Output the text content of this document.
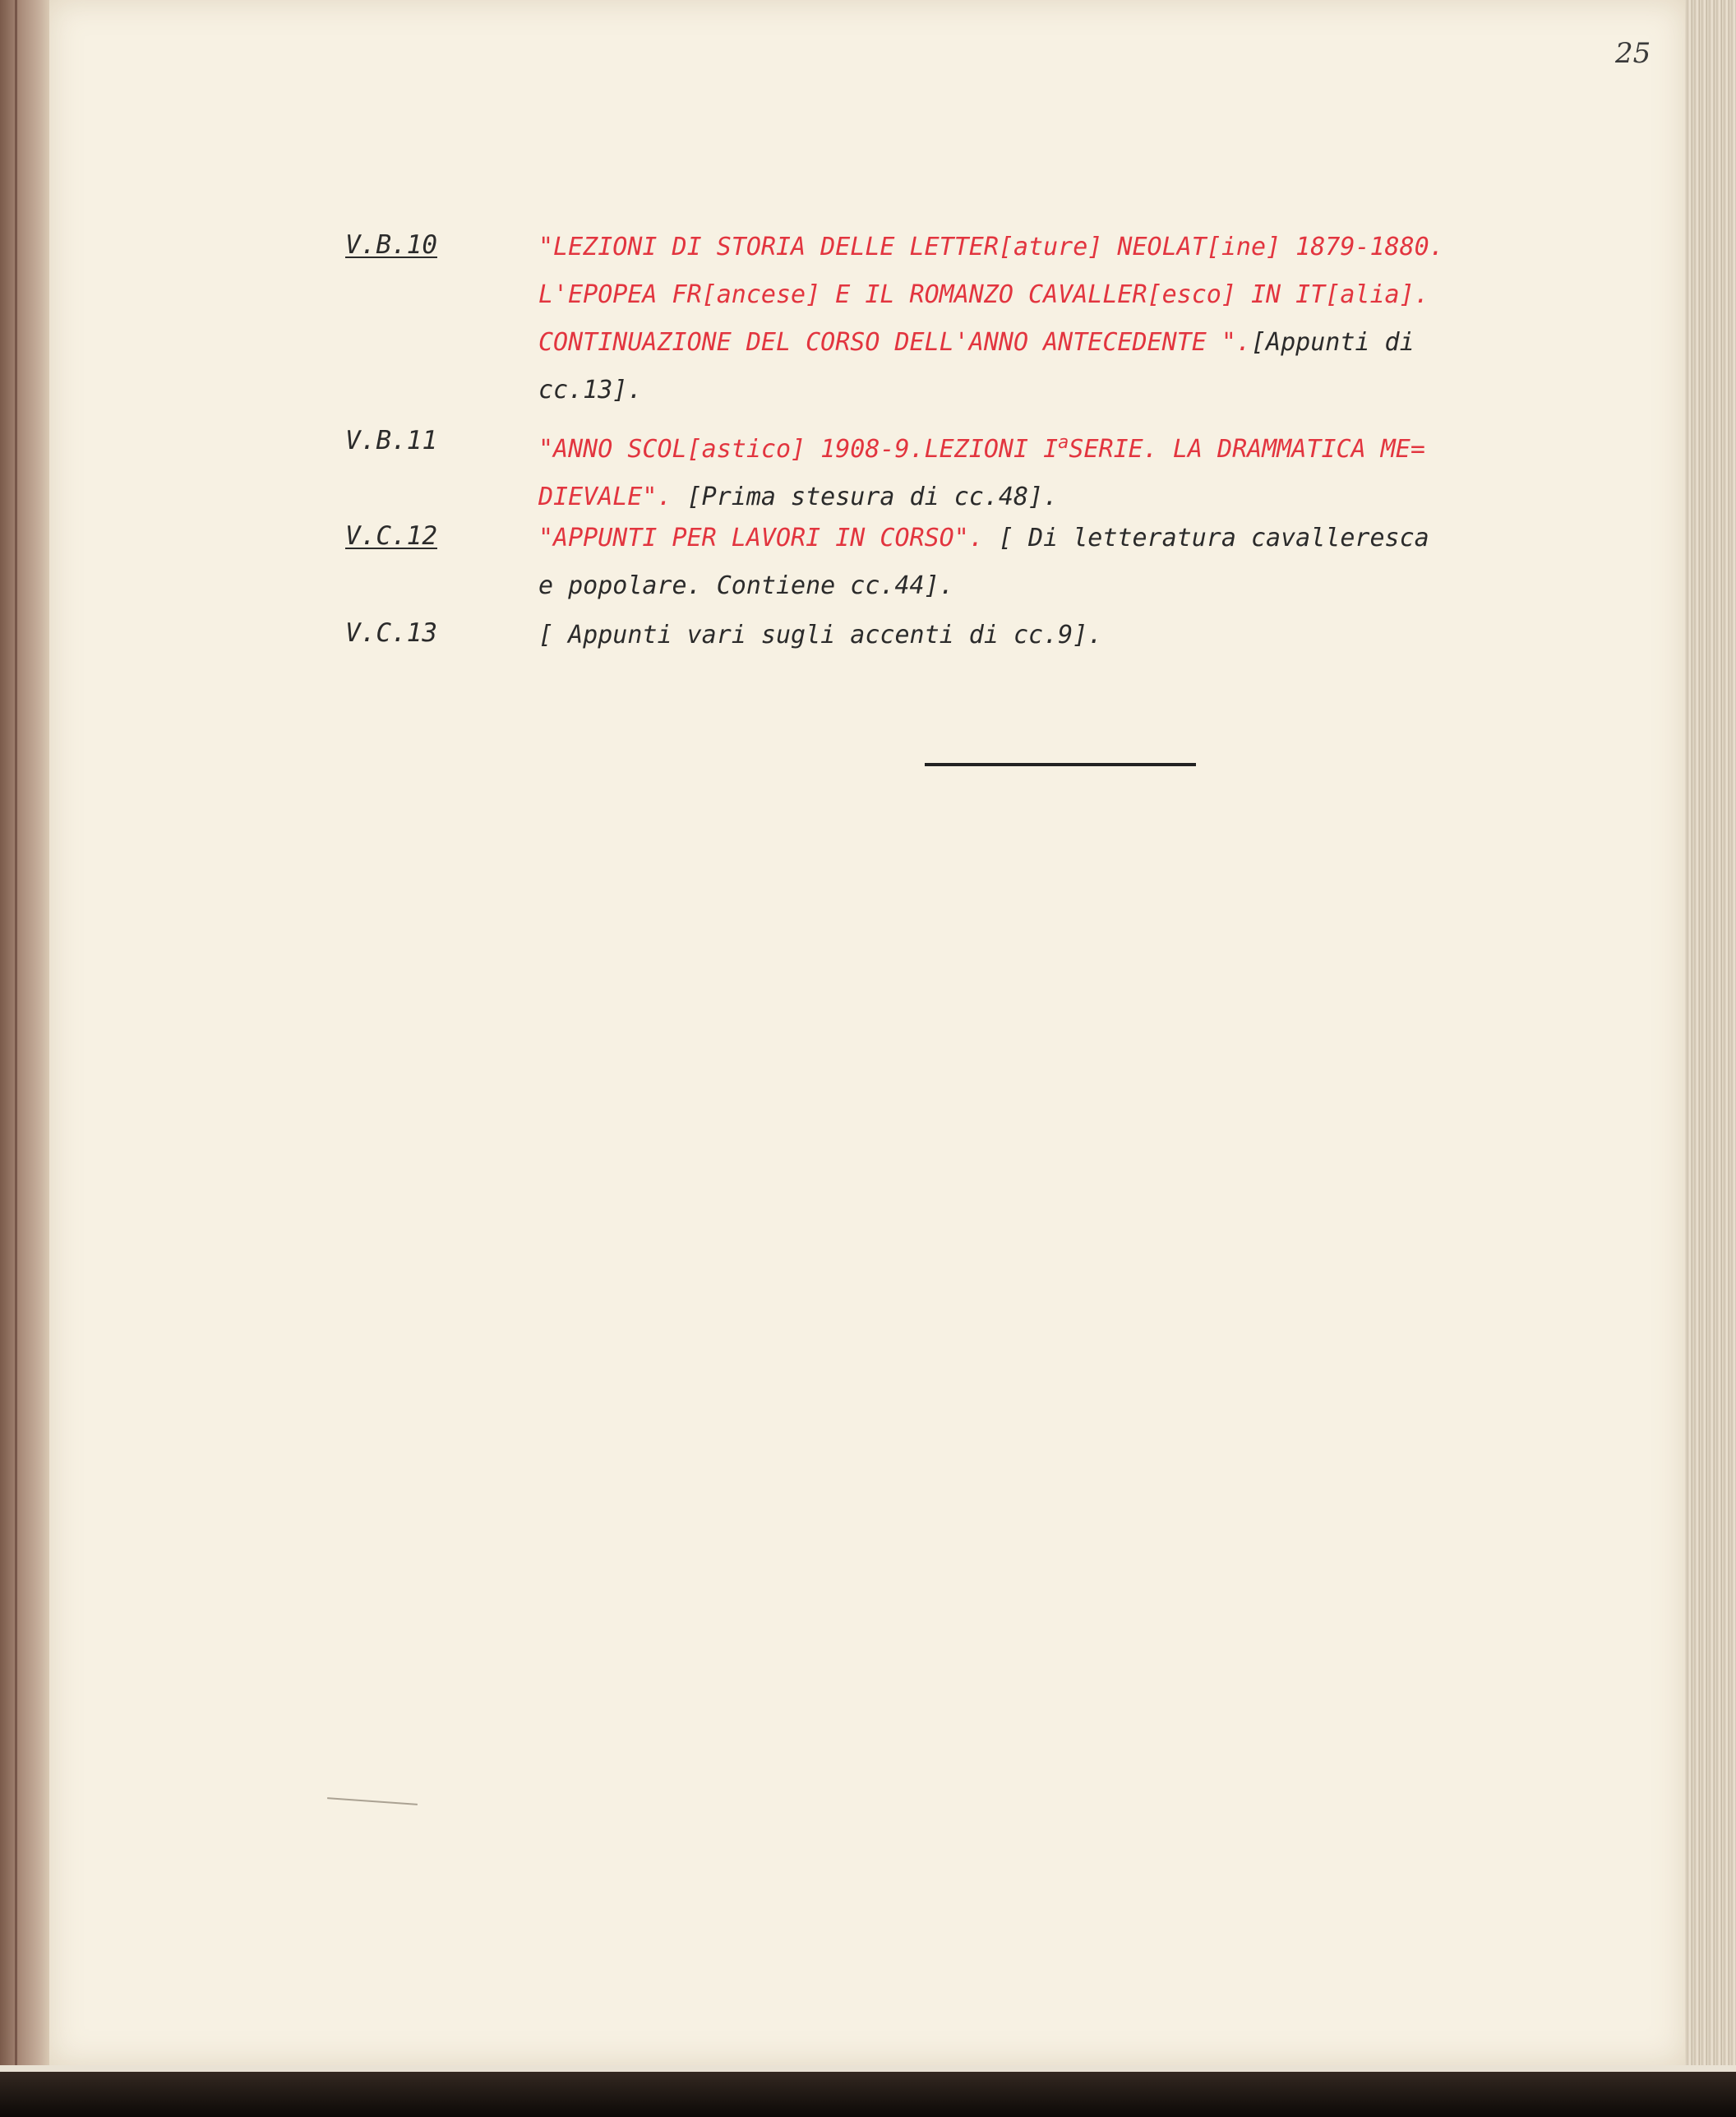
25
V.B.10	"LEZIONI DI STORIA DELLE LETTER[ature] NEOLAT[ine] 1879-1880.
L'EPOPEA FR[ancese] E IL ROMANZO CAVALLER[esco] IN IT[alia].
CONTINUAZIONE DEL CORSO DELL'ANNO ANTECEDENTE ".[Appunti di
cc.13].
V.B.11	"ANNO SCOL[astico] 1908-9.LEZIONI $I^aSERIE$. LA DRAMMATICA ME=
DIEVALE". [Prima stesura di cc.48].
V.C.12	"APPUNTI PER LAVORI IN CORSO". [ Di letteratura cavalleresca
e popolare. Contiene cc.44].
V.C.13	[ Appunti vari sugli accenti di cc.9].
